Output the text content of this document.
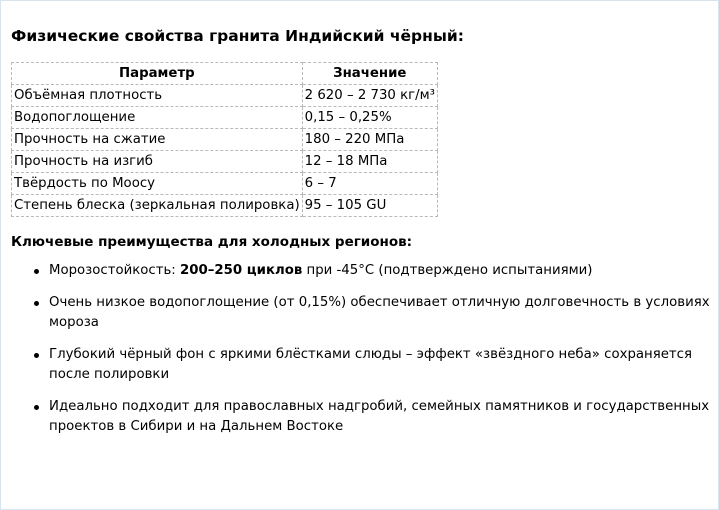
Физические свойства гранита Индийский чёрный:
Параметр	Значение
Объёмная плотность	2 620 – 2 730 кг/м³
Водопоглощение	0,15 – 0,25%
Прочность на сжатие	180 – 220 МПа
Прочность на изгиб	12 – 18 МПа
Твёрдость по Моосу	6 – 7
Степень блеска (зеркальная полировка)	95 – 105 GU
Ключевые преимущества для холодных регионов:
Морозостойкость: 200–250 циклов при -45°C (подтверждено испытаниями)
Очень низкое водопоглощение (от 0,15%) обеспечивает отличную долговечность в условиях мороза
Глубокий чёрный фон с яркими блёстками слюды – эффект «звёздного неба» сохраняется после полировки
Идеально подходит для православных надгробий, семейных памятников и государственных проектов в Сибири и на Дальнем Востоке
